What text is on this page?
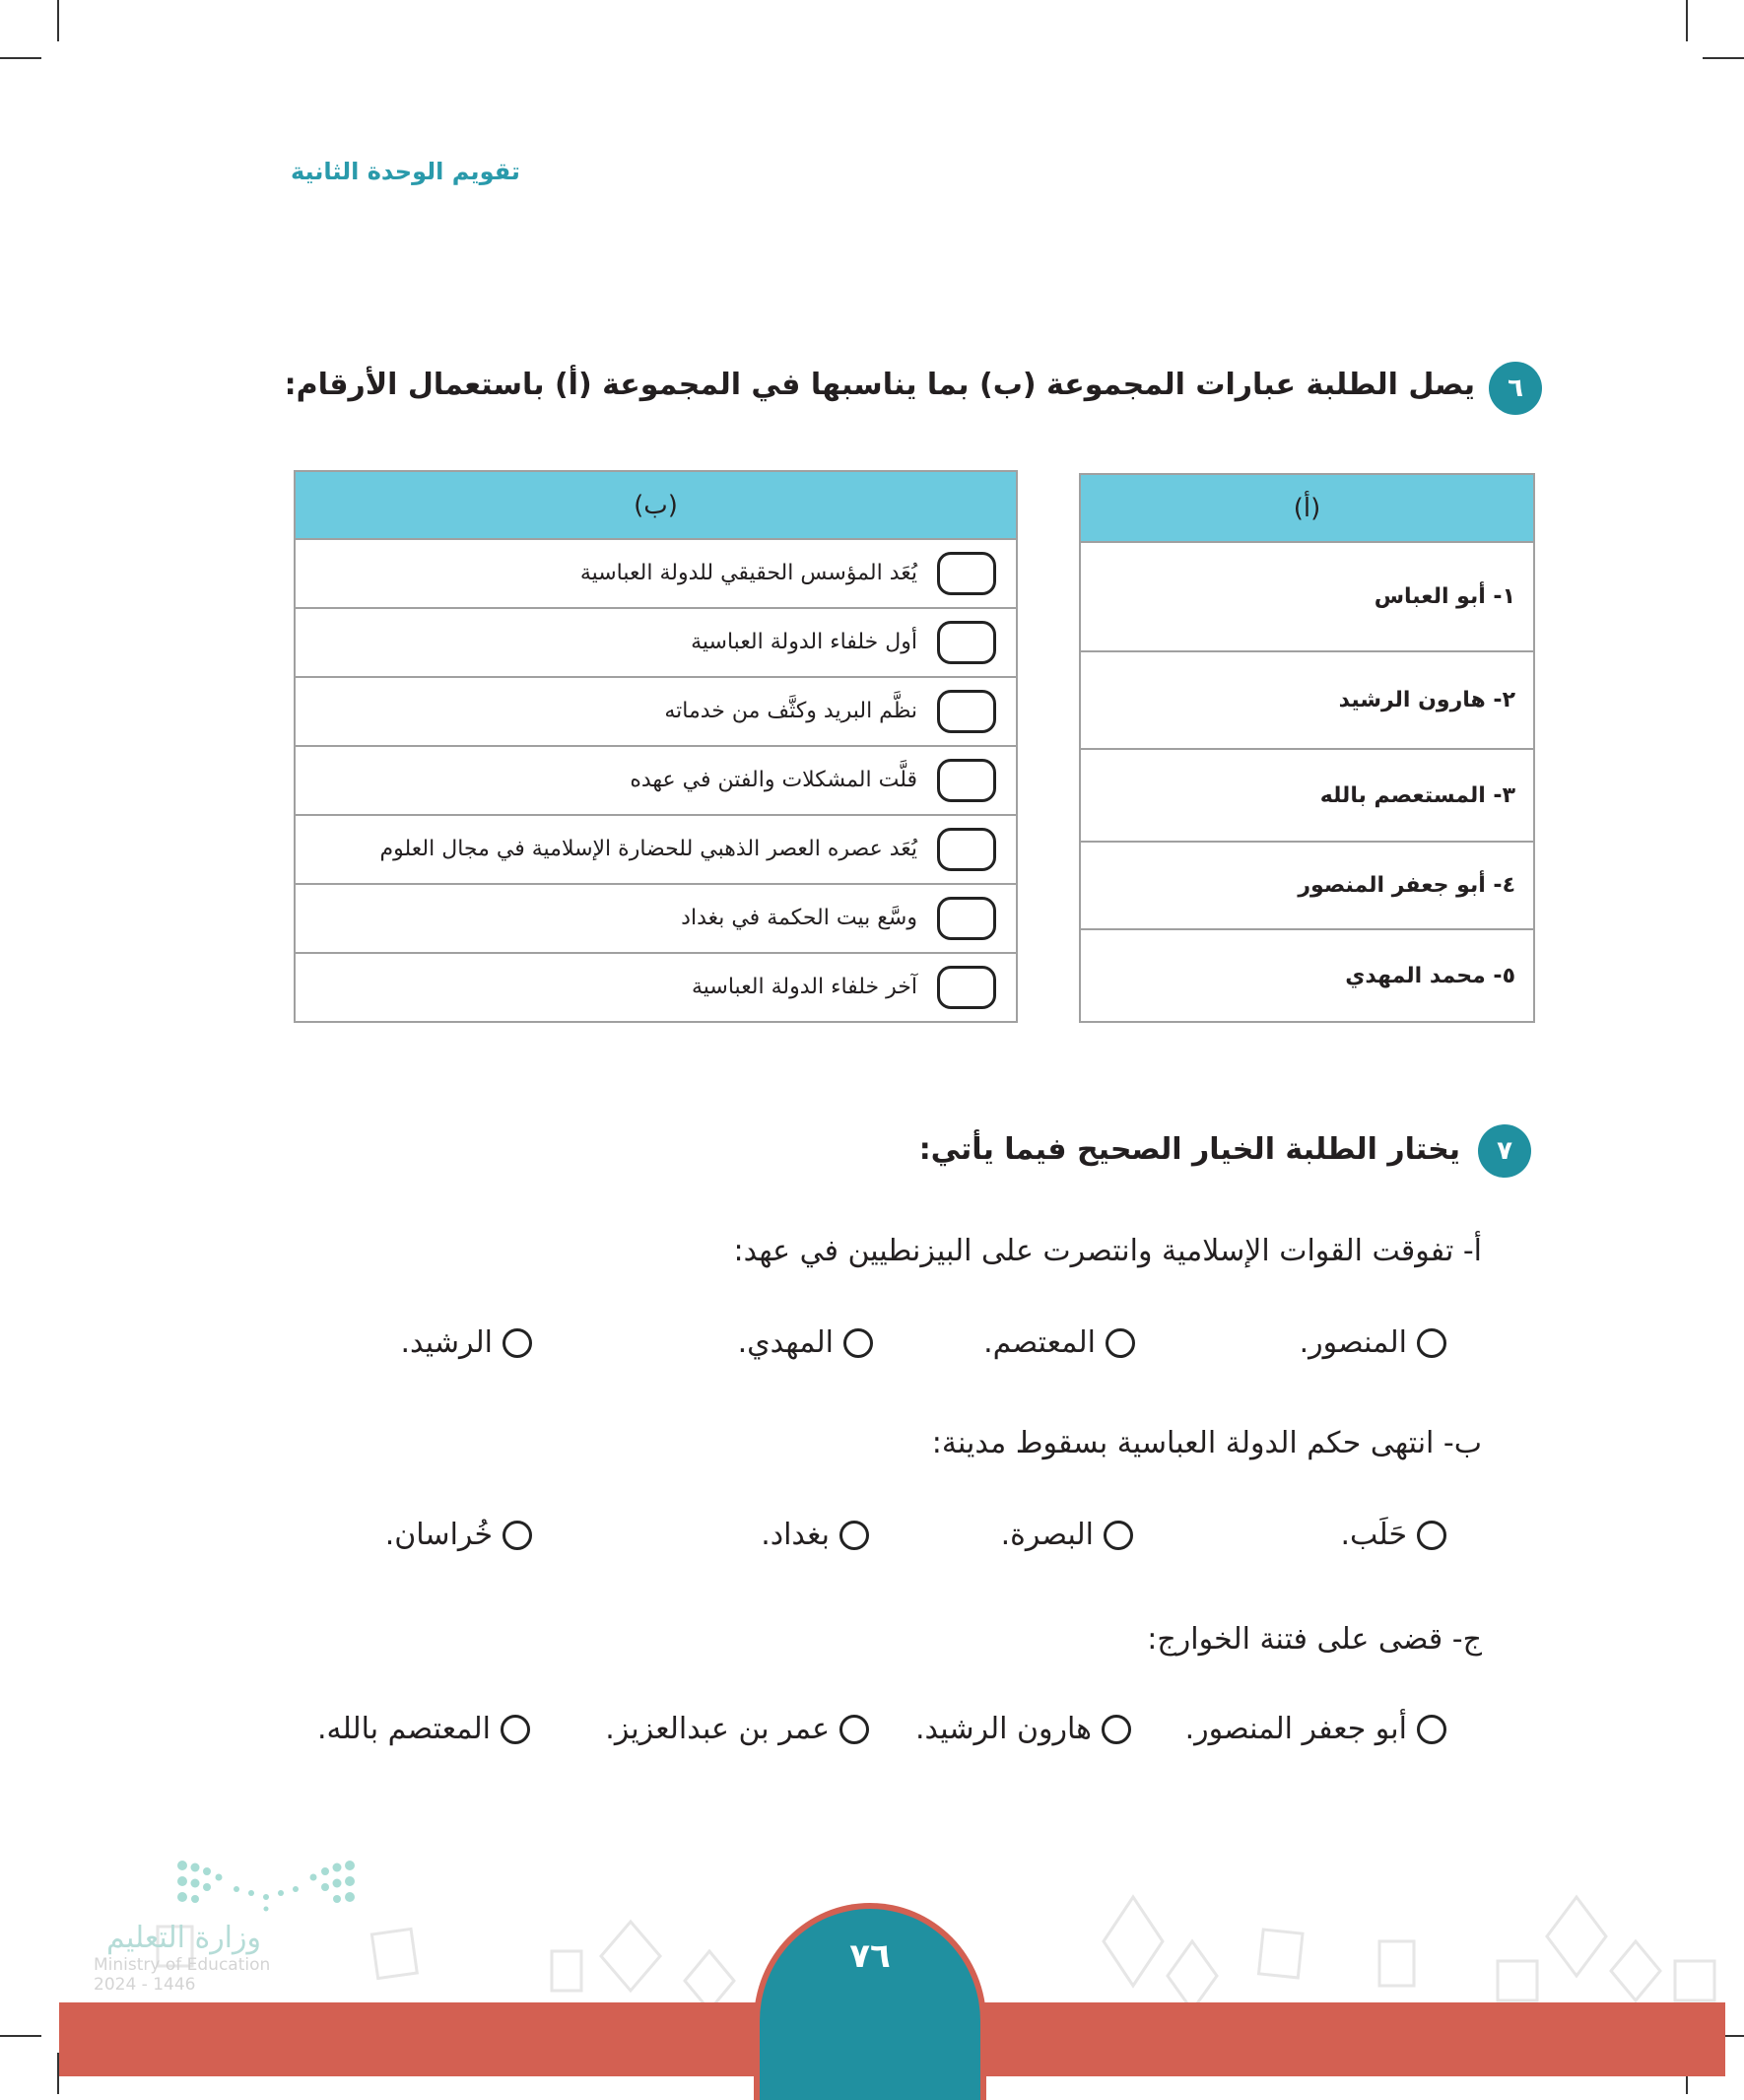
تقويم الوحدة الثانية
٦
يصل الطلبة عبارات المجموعة (ب) بما يناسبها في المجموعة (أ) باستعمال الأرقام:
(ب)
يُعَد المؤسس الحقيقي للدولة العباسية
أول خلفاء الدولة العباسية
نظَّم البريد وكثَّف من خدماته
قلَّت المشكلات والفتن في عهده
يُعَد عصره العصر الذهبي للحضارة الإسلامية في مجال العلوم
وسَّع بيت الحكمة في بغداد
آخر خلفاء الدولة العباسية
(أ)
١- أبو العباس
٢- هارون الرشيد
٣- المستعصم بالله
٤- أبو جعفر المنصور
٥- محمد المهدي
٧
يختار الطلبة الخيار الصحيح فيما يأتي:
أ- تفوقت القوات الإسلامية وانتصرت على البيزنطيين في عهد:
المنصور.
المعتصم.
المهدي.
الرشيد.
ب- انتهى حكم الدولة العباسية بسقوط مدينة:
حَلَب.
البصرة.
بغداد.
خُراسان.
ج- قضى على فتنة الخوارج:
أبو جعفر المنصور.
هارون الرشيد.
عمر بن عبدالعزيز.
المعتصم بالله.
وزارة التعليم
Ministry of Education
2024 - 1446
٧٦
